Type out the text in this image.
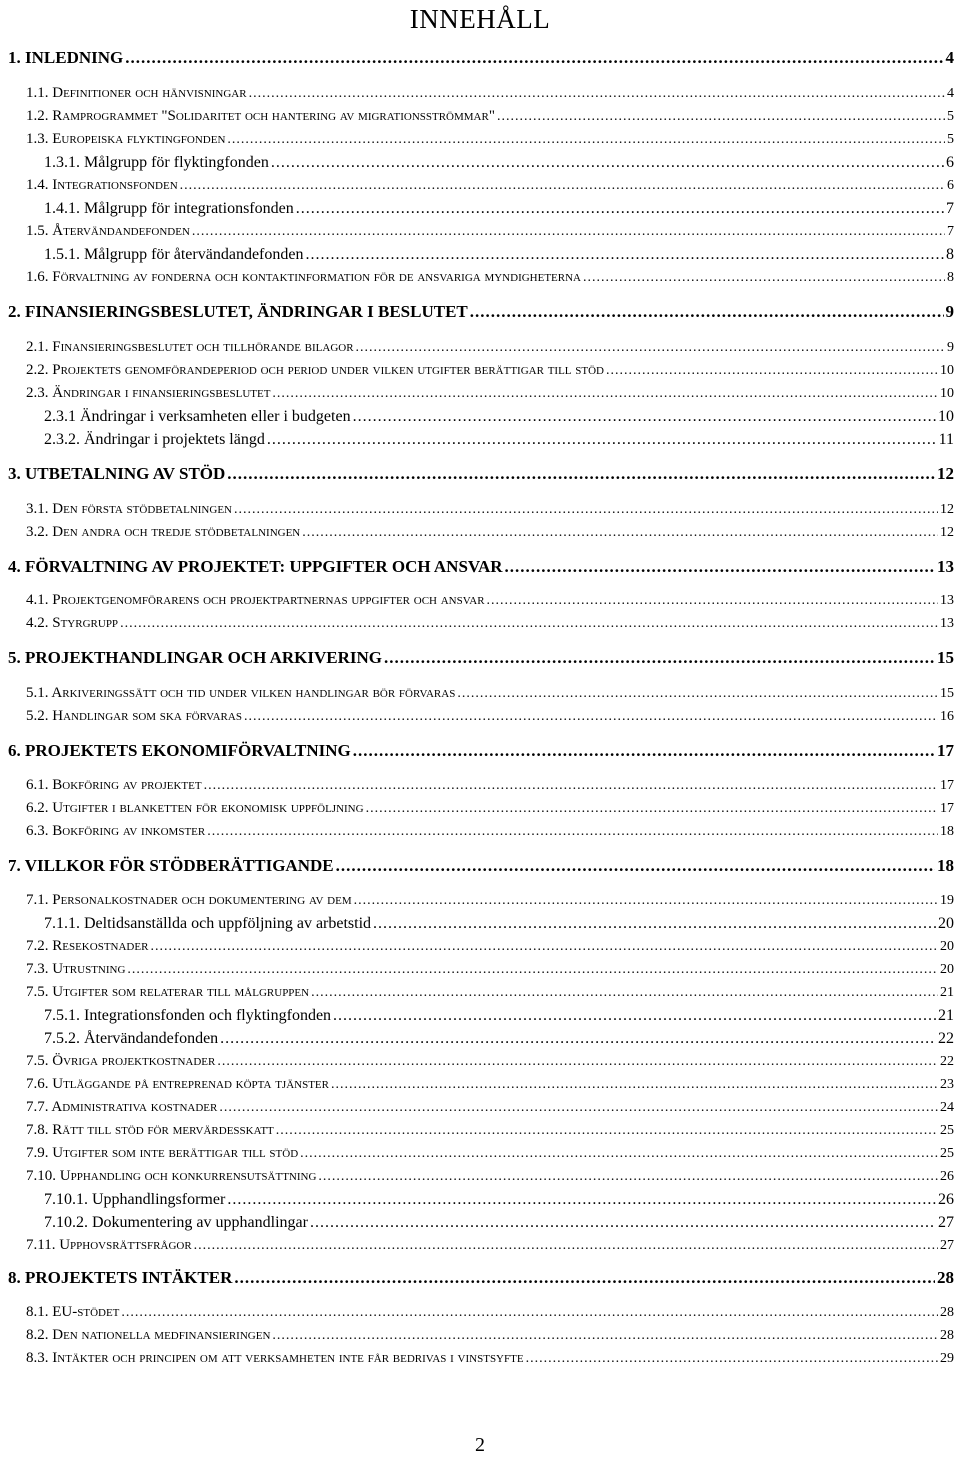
INNEHÅLL
1. INLEDNING .....	4
1.1. Definitioner och hänvisningar .....	4
1.2. Ramprogrammet "Solidaritet och hantering av migrationsströmmar" .....	5
1.3. Europeiska flyktingfonden .....	5
1.3.1. Målgrupp för flyktingfonden .....	6
1.4. Integrationsfonden .....	6
1.4.1. Målgrupp för integrationsfonden .....	7
1.5. Återvändandefonden .....	7
1.5.1. Målgrupp för återvändandefonden .....	8
1.6. Förvaltning av fonderna och kontaktinformation för de ansvariga myndigheterna .....	8
2. FINANSIERINGSBESLUTET, ÄNDRINGAR I BESLUTET .....	9
2.1. Finansieringsbeslutet och tillhörande bilagor .....	9
2.2. Projektets genomförandeperiod och period under vilken utgifter berättigar till stöd .....	10
2.3. Ändringar i finansieringsbeslutet .....	10
2.3.1 Ändringar i verksamheten eller i budgeten .....	10
2.3.2. Ändringar i projektets längd .....	11
3. UTBETALNING AV STÖD .....	12
3.1. Den första stödbetalningen .....	12
3.2. Den andra och tredje stödbetalningen .....	12
4. FÖRVALTNING AV PROJEKTET: UPPGIFTER OCH ANSVAR .....	13
4.1. Projektgenomförarens och projektpartnernas uppgifter och ansvar .....	13
4.2. Styrgrupp .....	13
5. PROJEKTHANDLINGAR OCH ARKIVERING .....	15
5.1. Arkiveringssätt och tid under vilken handlingar bör förvaras .....	15
5.2. Handlingar som ska förvaras .....	16
6. PROJEKTETS EKONOMIFÖRVALTNING .....	17
6.1. Bokföring av projektet .....	17
6.2. Utgifter i blanketten för ekonomisk uppföljning .....	17
6.3. Bokföring av inkomster .....	18
7. VILLKOR FÖR STÖDBERÄTTIGANDE .....	18
7.1. Personalkostnader och dokumentering av dem .....	19
7.1.1. Deltidsanställda och uppföljning av arbetstid .....	20
7.2. Resekostnader .....	20
7.3. Utrustning .....	20
7.5. Utgifter som relaterar till målgruppen .....	21
7.5.1. Integrationsfonden och flyktingfonden .....	21
7.5.2. Återvändandefonden .....	22
7.5. Övriga projektkostnader .....	22
7.6. Utläggande på entreprenad köpta tjänster .....	23
7.7. Administrativa kostnader .....	24
7.8. Rätt till stöd för mervärdesskatt .....	25
7.9. Utgifter som inte berättigar till stöd .....	25
7.10. Upphandling och konkurrensutsättning .....	26
7.10.1. Upphandlingsformer .....	26
7.10.2. Dokumentering av upphandlingar .....	27
7.11. Upphovsrättsfrågor .....	27
8. PROJEKTETS INTÄKTER .....	28
8.1. EU-stödet .....	28
8.2. Den nationella medfinansieringen .....	28
8.3. Intäkter och principen om att verksamheten inte får bedrivas i vinstsyfte .....	29
2
